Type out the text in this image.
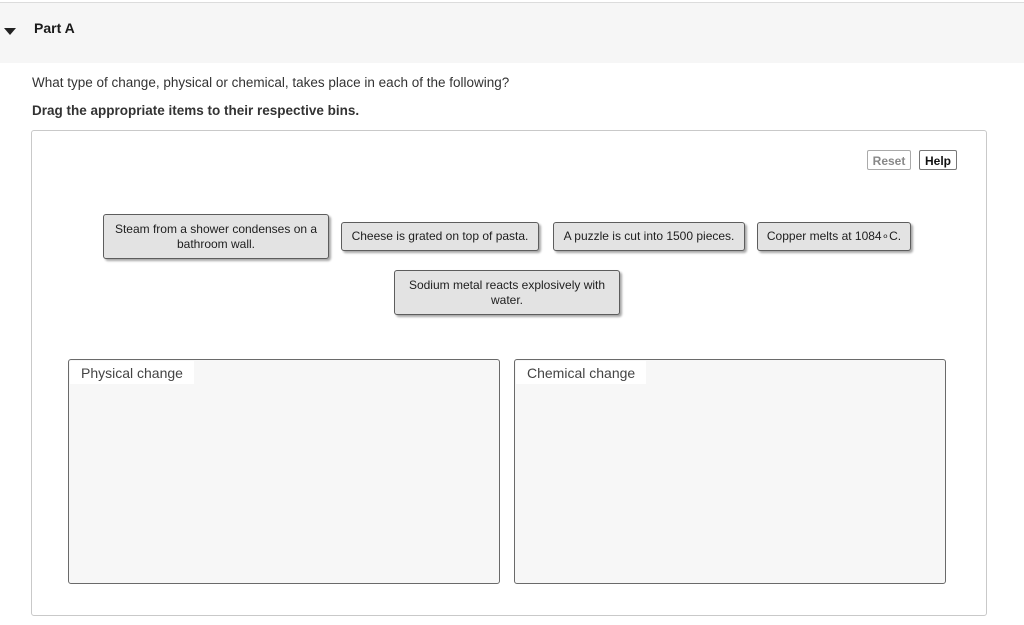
Part A
What type of change, physical or chemical, takes place in each of the following?
Drag the appropriate items to their respective bins.
Reset	Help
Steam from a shower condenses on a bathroom wall.
Cheese is grated on top of pasta.	A puzzle is cut into 1500 pieces.	Copper melts at 1084∘C.
Sodium metal reacts explosively with water.
Physical change	Chemical change
